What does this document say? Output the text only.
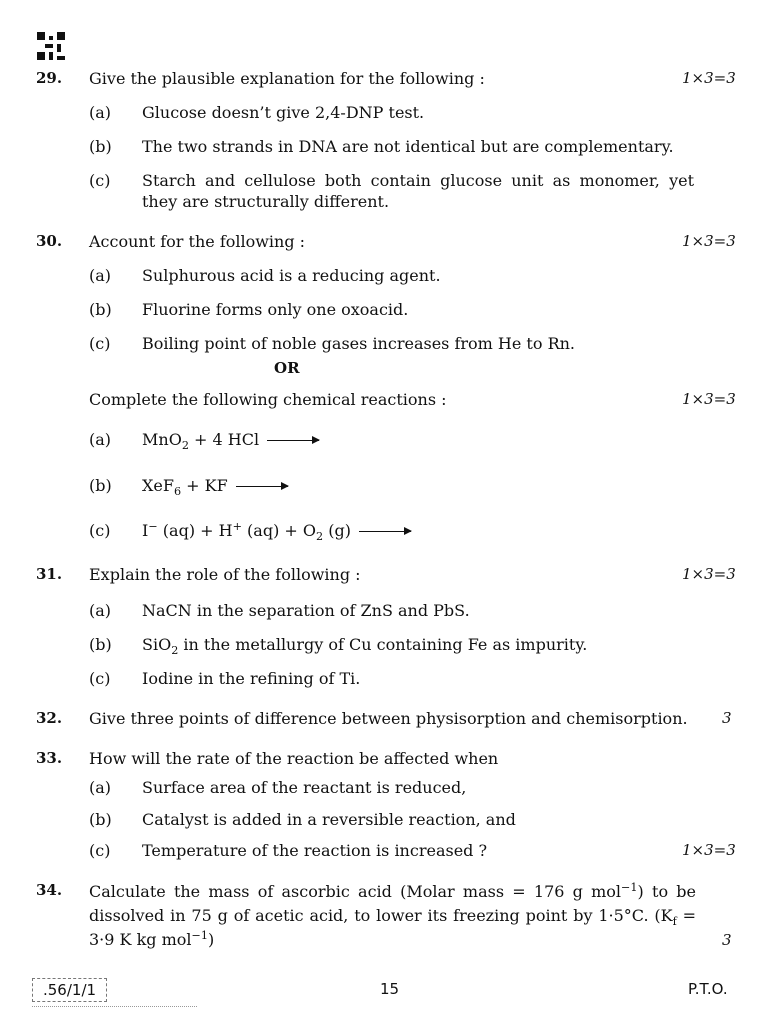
29. Give the plausible explanation for the following :	1×3=3
(a) Glucose doesn’t give 2,4-DNP test.
(b) The two strands in DNA are not identical but are complementary.
(c) Starch and cellulose both contain glucose unit as monomer, yet they are structurally different.
30. Account for the following :	1×3=3
(a) Sulphurous acid is a reducing agent.
(b) Fluorine forms only one oxoacid.
(c) Boiling point of noble gases increases from He to Rn.
OR
Complete the following chemical reactions :	1×3=3
(a) MnO$_2$ + 4 HCl →
(b) XeF$_6$ + KF →
(c) I− (aq) + H+ $(aq) + O_2$ (g) →
31. Explain the role of the following :	1×3=3
(a) NaCN in the separation of ZnS and PbS.
(b) SiO$_2$ in the metallurgy of Cu containing Fe as impurity.
(c) Iodine in the refining of Ti.
32. Give three points of difference between physisorption and chemisorption. 3
33. How will the rate of the reaction be affected when
(a) Surface area of the reactant is reduced,
(b) Catalyst is added in a reversible reaction, and
(c) Temperature of the reaction is increased ?	1×3=3
34. Calculate the mass of ascorbic acid (Molar mass = 176 g mol$^{-1}$) to be dissolved in 75 g of acetic acid, to lower its freezing point by 1·5°C. ($K_f = 3\cdot 9$ K kg mol$^{-1}$)	3
.56/1/1	15	P.T.O.
